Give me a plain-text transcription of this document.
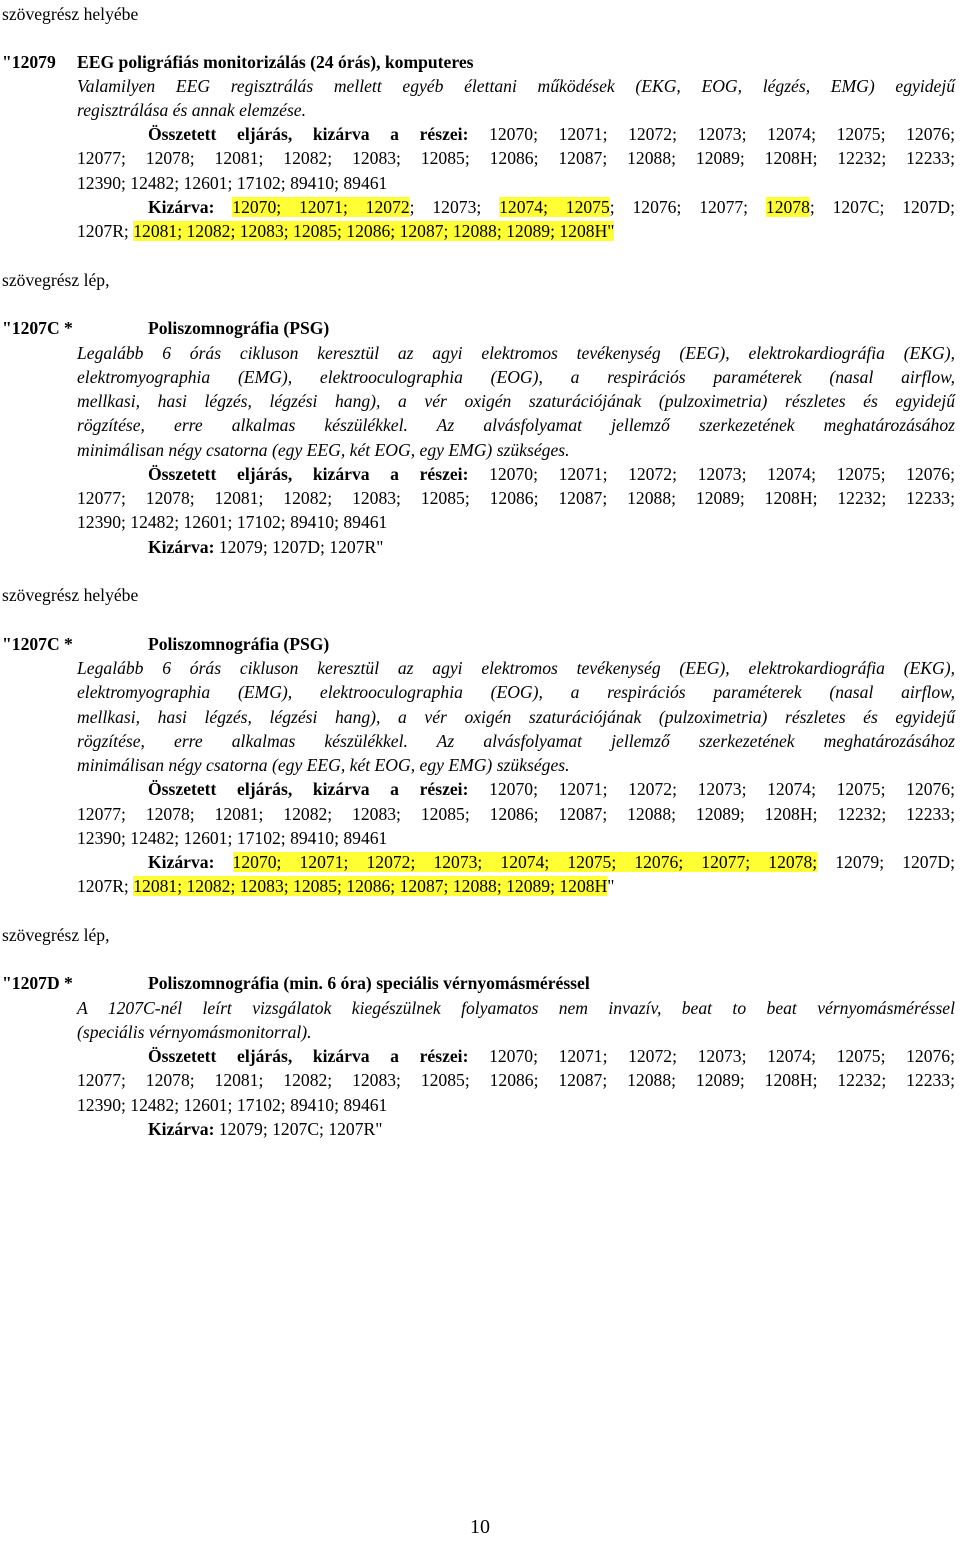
szövegrész helyébe
"12079 EEG poligráfiás monitorizálás (24 órás), komputeres
Valamilyen EEG regisztrálás mellett egyéb élettani működések (EKG, EOG, légzés, EMG) egyidejű
regisztrálása és annak elemzése.
Összetett eljárás, kizárva a részei: 12070; 12071; 12072; 12073; 12074; 12075; 12076;
12077; 12078; 12081; 12082; 12083; 12085; 12086; 12087; 12088; 12089; 1208H; 12232; 12233;
12390; 12482; 12601; 17102; 89410; 89461
Kizárva: 12070; 12071; 12072; 12073; 12074; 12075; 12076; 12077; 12078; 1207C; 1207D;
1207R; 12081; 12082; 12083; 12085; 12086; 12087; 12088; 12089; 1208H"
szövegrész lép,
"1207C *	Poliszomnográfia (PSG)
Legalább 6 órás cikluson keresztül az agyi elektromos tevékenység (EEG), elektrokardiográfia (EKG),
elektromyographia (EMG), elektrooculographia (EOG), a respirációs paraméterek (nasal airflow,
mellkasi, hasi légzés, légzési hang), a vér oxigén szaturációjának (pulzoximetria) részletes és egyidejű
rögzítése, erre alkalmas készülékkel. Az alvásfolyamat jellemző szerkezetének meghatározásához
minimálisan négy csatorna (egy EEG, két EOG, egy EMG) szükséges.
Összetett eljárás, kizárva a részei: 12070; 12071; 12072; 12073; 12074; 12075; 12076;
12077; 12078; 12081; 12082; 12083; 12085; 12086; 12087; 12088; 12089; 1208H; 12232; 12233;
12390; 12482; 12601; 17102; 89410; 89461
Kizárva: 12079; 1207D; 1207R"
szövegrész helyébe
"1207C *	Poliszomnográfia (PSG)
Legalább 6 órás cikluson keresztül az agyi elektromos tevékenység (EEG), elektrokardiográfia (EKG),
elektromyographia (EMG), elektrooculographia (EOG), a respirációs paraméterek (nasal airflow,
mellkasi, hasi légzés, légzési hang), a vér oxigén szaturációjának (pulzoximetria) részletes és egyidejű
rögzítése, erre alkalmas készülékkel. Az alvásfolyamat jellemző szerkezetének meghatározásához
minimálisan négy csatorna (egy EEG, két EOG, egy EMG) szükséges.
Összetett eljárás, kizárva a részei: 12070; 12071; 12072; 12073; 12074; 12075; 12076;
12077; 12078; 12081; 12082; 12083; 12085; 12086; 12087; 12088; 12089; 1208H; 12232; 12233;
12390; 12482; 12601; 17102; 89410; 89461
Kizárva: 12070; 12071; 12072; 12073; 12074; 12075; 12076; 12077; 12078; 12079; 1207D;
1207R; 12081; 12082; 12083; 12085; 12086; 12087; 12088; 12089; 1208H"
szövegrész lép,
"1207D *	Poliszomnográfia (min. 6 óra) speciális vérnyomásméréssel
A 1207C-nél leírt vizsgálatok kiegészülnek folyamatos nem invazív, beat to beat vérnyomásméréssel
(speciális vérnyomásmonitorral).
Összetett eljárás, kizárva a részei: 12070; 12071; 12072; 12073; 12074; 12075; 12076;
12077; 12078; 12081; 12082; 12083; 12085; 12086; 12087; 12088; 12089; 1208H; 12232; 12233;
12390; 12482; 12601; 17102; 89410; 89461
Kizárva: 12079; 1207C; 1207R"
10
